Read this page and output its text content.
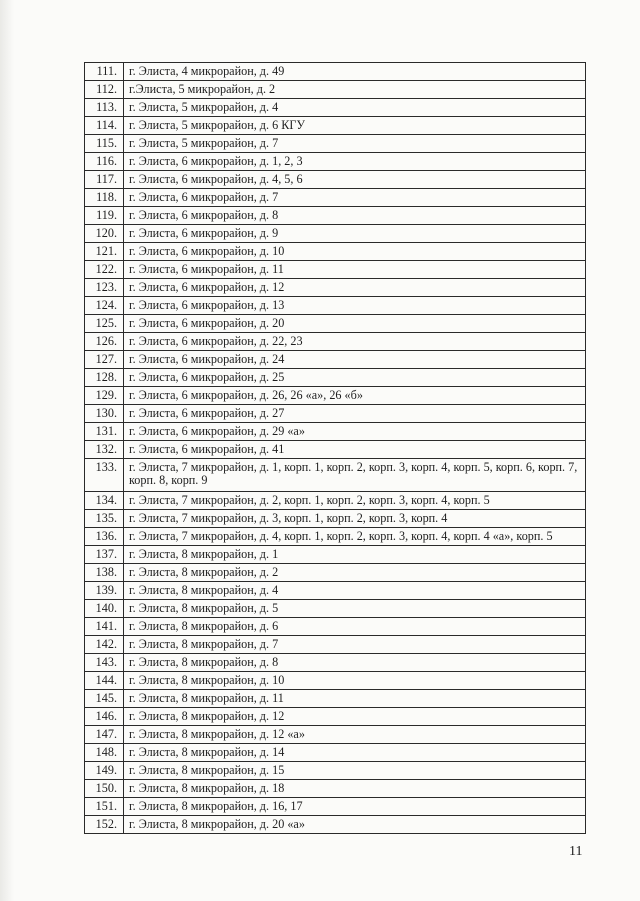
111.	г. Элиста, 4 микрорайон, д. 49
112.	г.Элиста, 5 микрорайон, д. 2
113.	г. Элиста, 5 микрорайон, д. 4
114.	г. Элиста, 5 микрорайон, д. 6 КГУ
115.	г. Элиста, 5 микрорайон, д. 7
116.	г. Элиста, 6 микрорайон, д. 1, 2, 3
117.	г. Элиста, 6 микрорайон, д. 4, 5, 6
118.	г. Элиста, 6 микрорайон, д. 7
119.	г. Элиста, 6 микрорайон, д. 8
120.	г. Элиста, 6 микрорайон, д. 9
121.	г. Элиста, 6 микрорайон, д. 10
122.	г. Элиста, 6 микрорайон, д. 11
123.	г. Элиста, 6 микрорайон, д. 12
124.	г. Элиста, 6 микрорайон, д. 13
125.	г. Элиста, 6 микрорайон, д. 20
126.	г. Элиста, 6 микрорайон, д. 22, 23
127.	г. Элиста, 6 микрорайон, д. 24
128.	г. Элиста, 6 микрорайон, д. 25
129.	г. Элиста, 6 микрорайон, д. 26, 26 «а», 26 «б»
130.	г. Элиста, 6 микрорайон, д. 27
131.	г. Элиста, 6 микрорайон, д. 29 «а»
132.	г. Элиста, 6 микрорайон, д. 41
133.	г. Элиста, 7 микрорайон, д. 1, корп. 1, корп. 2, корп. 3, корп. 4, корп. 5, корп. 6, корп. 7, корп. 8, корп. 9
134.	г. Элиста, 7 микрорайон, д. 2, корп. 1, корп. 2, корп. 3, корп. 4, корп. 5
135.	г. Элиста, 7 микрорайон, д. 3, корп. 1, корп. 2, корп. 3, корп. 4
136.	г. Элиста, 7 микрорайон, д. 4, корп. 1, корп. 2, корп. 3, корп. 4, корп. 4 «а», корп. 5
137.	г. Элиста, 8 микрорайон, д. 1
138.	г. Элиста, 8 микрорайон, д. 2
139.	г. Элиста, 8 микрорайон, д. 4
140.	г. Элиста, 8 микрорайон, д. 5
141.	г. Элиста, 8 микрорайон, д. 6
142.	г. Элиста, 8 микрорайон, д. 7
143.	г. Элиста, 8 микрорайон, д. 8
144.	г. Элиста, 8 микрорайон, д. 10
145.	г. Элиста, 8 микрорайон, д. 11
146.	г. Элиста, 8 микрорайон, д. 12
147.	г. Элиста, 8 микрорайон, д. 12 «а»
148.	г. Элиста, 8 микрорайон, д. 14
149.	г. Элиста, 8 микрорайон, д. 15
150.	г. Элиста, 8 микрорайон, д. 18
151.	г. Элиста, 8 микрорайон, д. 16, 17
152.	г. Элиста, 8 микрорайон, д. 20 «а»
11
